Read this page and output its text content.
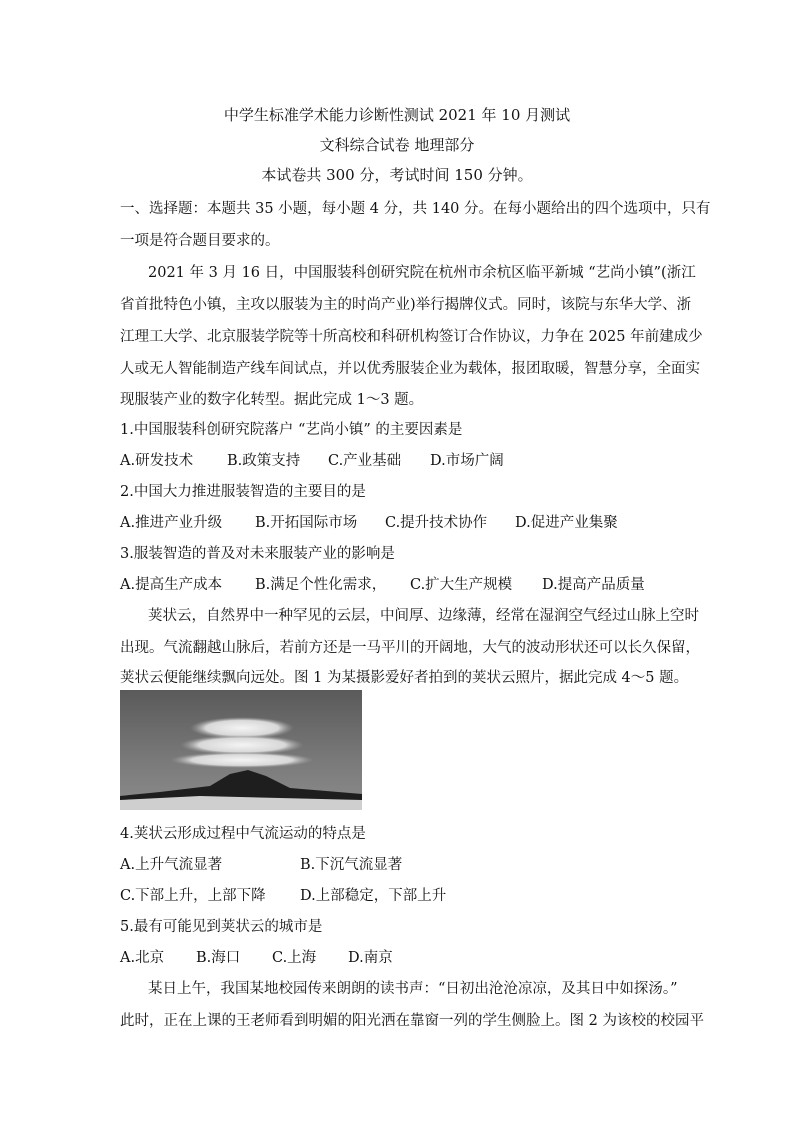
中学生标准学术能力诊断性测试 2021 年 10 月测试
文科综合试卷 地理部分
本试卷共 300 分，考试时间 150 分钟。
一、选择题：本题共 35 小题，每小题 4 分，共 140 分。在每小题给出的四个选项中，只有
一项是符合题目要求的。
2021 年 3 月 16 日，中国服装科创研究院在杭州市余杭区临平新城 “艺尚小镇”(浙江
省首批特色小镇，主攻以服装为主的时尚产业)举行揭牌仪式。同时，该院与东华大学、浙
江理工大学、北京服装学院等十所高校和科研机构签订合作协议，力争在 2025 年前建成少
人或无人智能制造产线车间试点，并以优秀服装企业为载体，报团取暖，智慧分享，全面实
现服装产业的数字化转型。据此完成 1～3 题。
1.中国服装科创研究院落户 “艺尚小镇” 的主要因素是
A.研发技术 B.政策支持 C.产业基础 D.市场广阔
2.中国大力推进服装智造的主要目的是
A.推进产业升级 B.开拓国际市场 C.提升技术协作 D.促进产业集聚
3.服装智造的普及对未来服装产业的影响是
A.提高生产成本 B.满足个性化需求， C.扩大生产规模 D.提高产品质量
荚状云，自然界中一种罕见的云层，中间厚、边缘薄，经常在湿润空气经过山脉上空时
出现。气流翻越山脉后，若前方还是一马平川的开阔地，大气的波动形状还可以长久保留，
荚状云便能继续飘向远处。图 1 为某摄影爱好者拍到的荚状云照片，据此完成 4～5 题。
4.荚状云形成过程中气流运动的特点是
A.上升气流显著	B.下沉气流显著
C.下部上升，上部下降 D.上部稳定，下部上升
5.最有可能见到荚状云的城市是
A.北京 B.海口 C.上海 D.南京
某日上午，我国某地校园传来朗朗的读书声：“日初出沧沧凉凉，及其日中如探汤。”
此时，正在上课的王老师看到明媚的阳光洒在靠窗一列的学生侧脸上。图 2 为该校的校园平
